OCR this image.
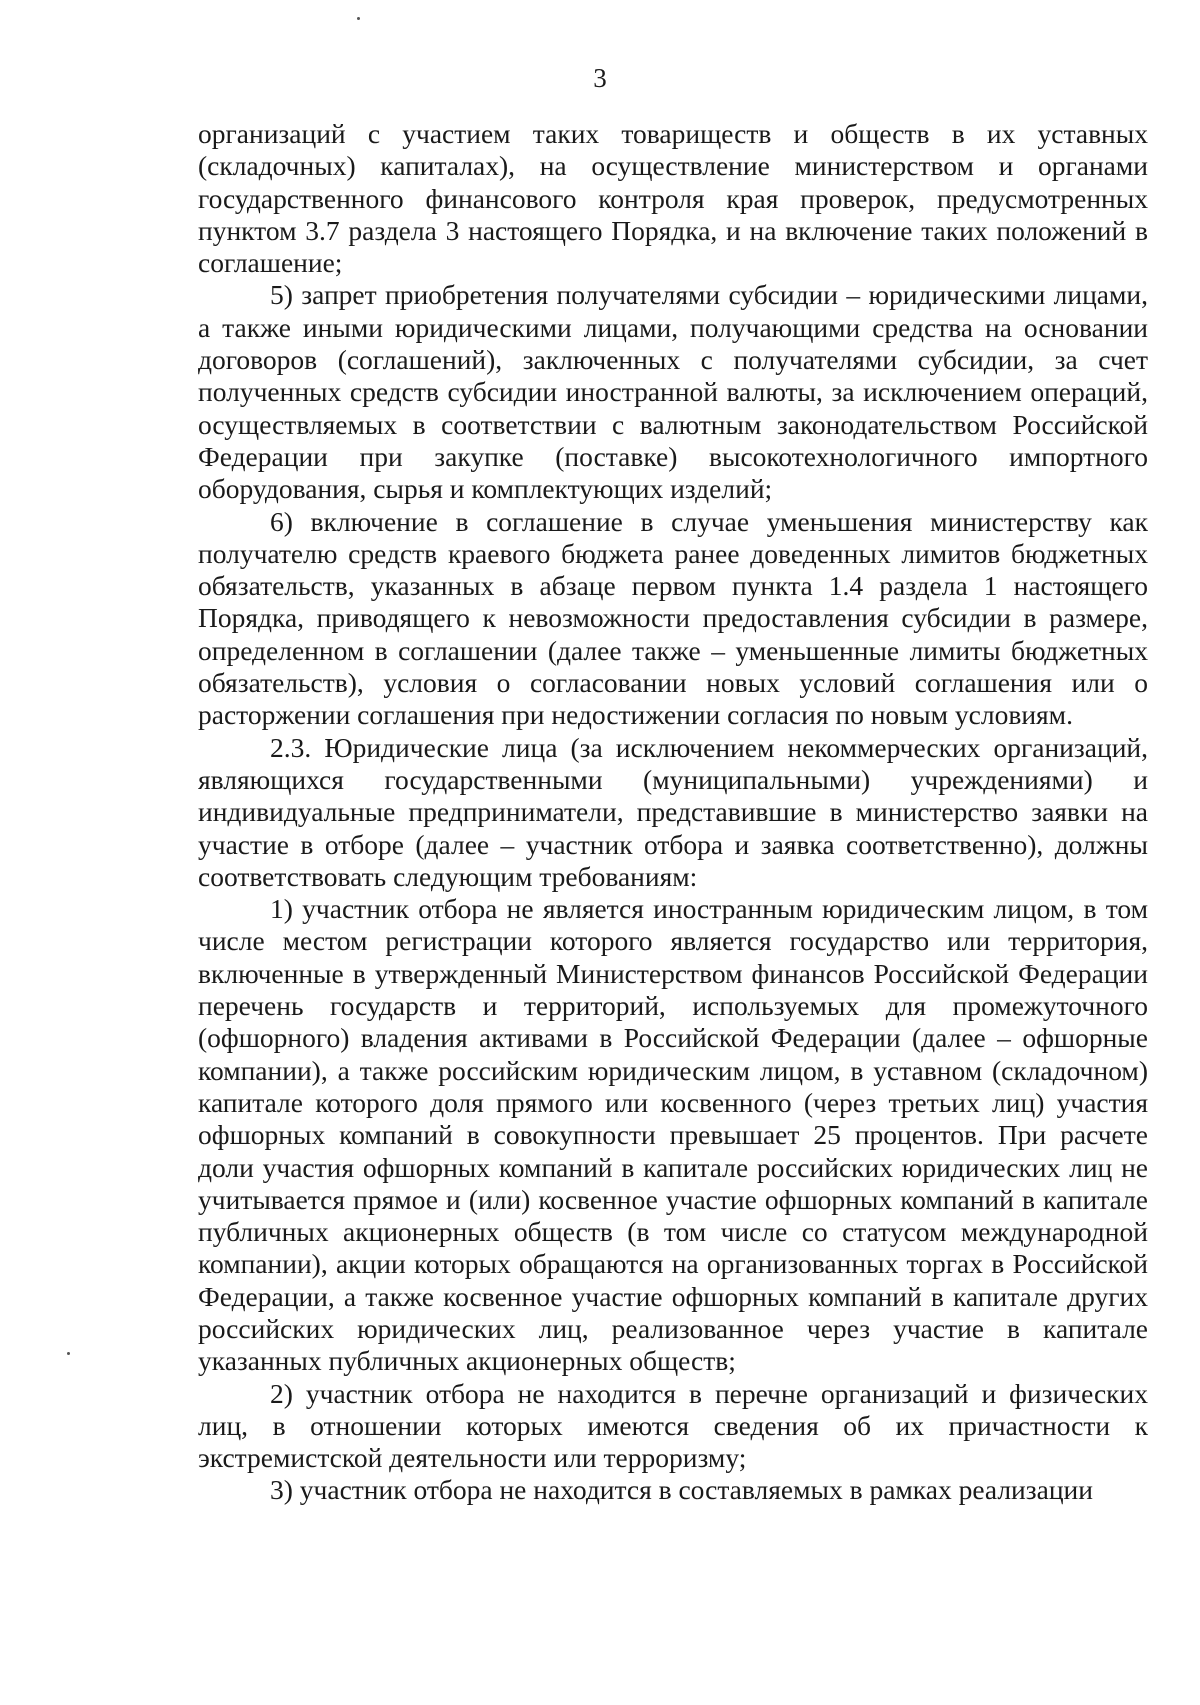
3

организаций с участием таких товариществ и обществ в их уставных (складочных) капиталах), на осуществление министерством и органами государственного финансового контроля края проверок, предусмотренных пунктом 3.7 раздела 3 настоящего Порядка, и на включение таких положений в соглашение;

5) запрет приобретения получателями субсидии – юридическими лицами, а также иными юридическими лицами, получающими средства на основании договоров (соглашений), заключенных с получателями субсидии, за счет полученных средств субсидии иностранной валюты, за исключением операций, осуществляемых в соответствии с валютным законодательством Российской Федерации при закупке (поставке) высокотехнологичного импортного оборудования, сырья и комплектующих изделий;

6) включение в соглашение в случае уменьшения министерству как получателю средств краевого бюджета ранее доведенных лимитов бюджетных обязательств, указанных в абзаце первом пункта 1.4 раздела 1 настоящего Порядка, приводящего к невозможности предоставления субсидии в размере, определенном в соглашении (далее также – уменьшенные лимиты бюджетных обязательств), условия о согласовании новых условий соглашения или о расторжении соглашения при недостижении согласия по новым условиям.

2.3. Юридические лица (за исключением некоммерческих организаций, являющихся государственными (муниципальными) учреждениями) и индивидуальные предприниматели, представившие в министерство заявки на участие в отборе (далее – участник отбора и заявка соответственно), должны соответствовать следующим требованиям:

1) участник отбора не является иностранным юридическим лицом, в том числе местом регистрации которого является государство или территория, включенные в утвержденный Министерством финансов Российской Федерации перечень государств и территорий, используемых для промежуточного (офшорного) владения активами в Российской Федерации (далее – офшорные компании), а также российским юридическим лицом, в уставном (складочном) капитале которого доля прямого или косвенного (через третьих лиц) участия офшорных компаний в совокупности превышает 25 процентов. При расчете доли участия офшорных компаний в капитале российских юридических лиц не учитывается прямое и (или) косвенное участие офшорных компаний в капитале публичных акционерных обществ (в том числе со статусом международной компании), акции которых обращаются на организованных торгах в Российской Федерации, а также косвенное участие офшорных компаний в капитале других российских юридических лиц, реализованное через участие в капитале указанных публичных акционерных обществ;

2) участник отбора не находится в перечне организаций и физических лиц, в отношении которых имеются сведения об их причастности к экстремистской деятельности или терроризму;

3) участник отбора не находится в составляемых в рамках реализации
